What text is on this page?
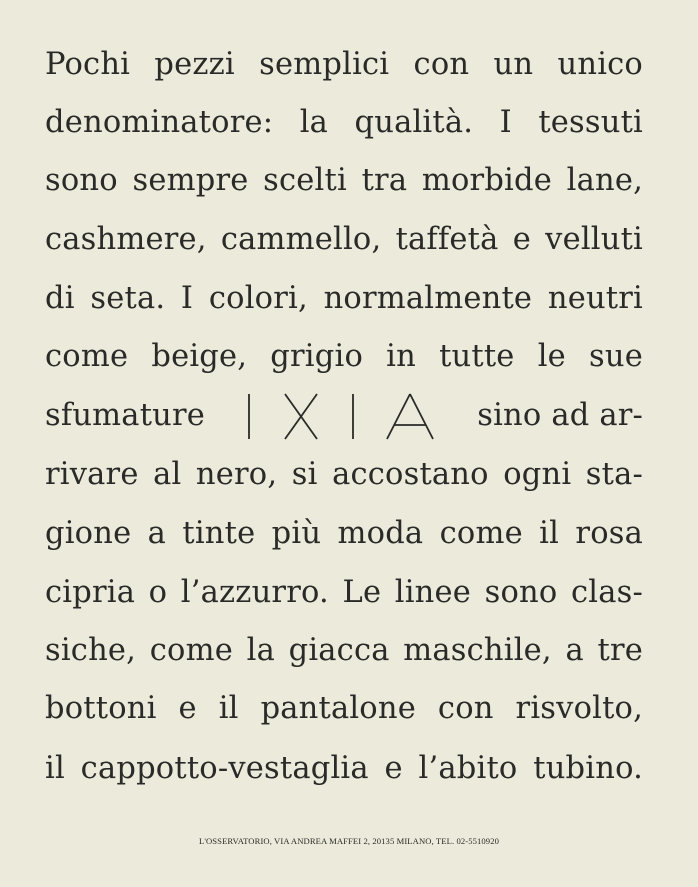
Pochi pezzi semplici con un unico
denominatore: la qualità. I tessuti
sono sempre scelti tra morbide lane,
cashmere, cammello, taffetà e velluti
di seta. I colori, normalmente neutri
come beige, grigio in tutte le sue
sfumature	sino ad ar-
rivare al nero, si accostano ogni sta-
gione a tinte più moda come il rosa
cipria o l’azzurro. Le linee sono clas-
siche, come la giacca maschile, a tre
bottoni e il pantalone con risvolto,
il cappotto-vestaglia e l’abito tubino.
L'OSSERVATORIO, VIA ANDREA MAFFEI 2, 20135 MILANO, TEL. 02-5510920
